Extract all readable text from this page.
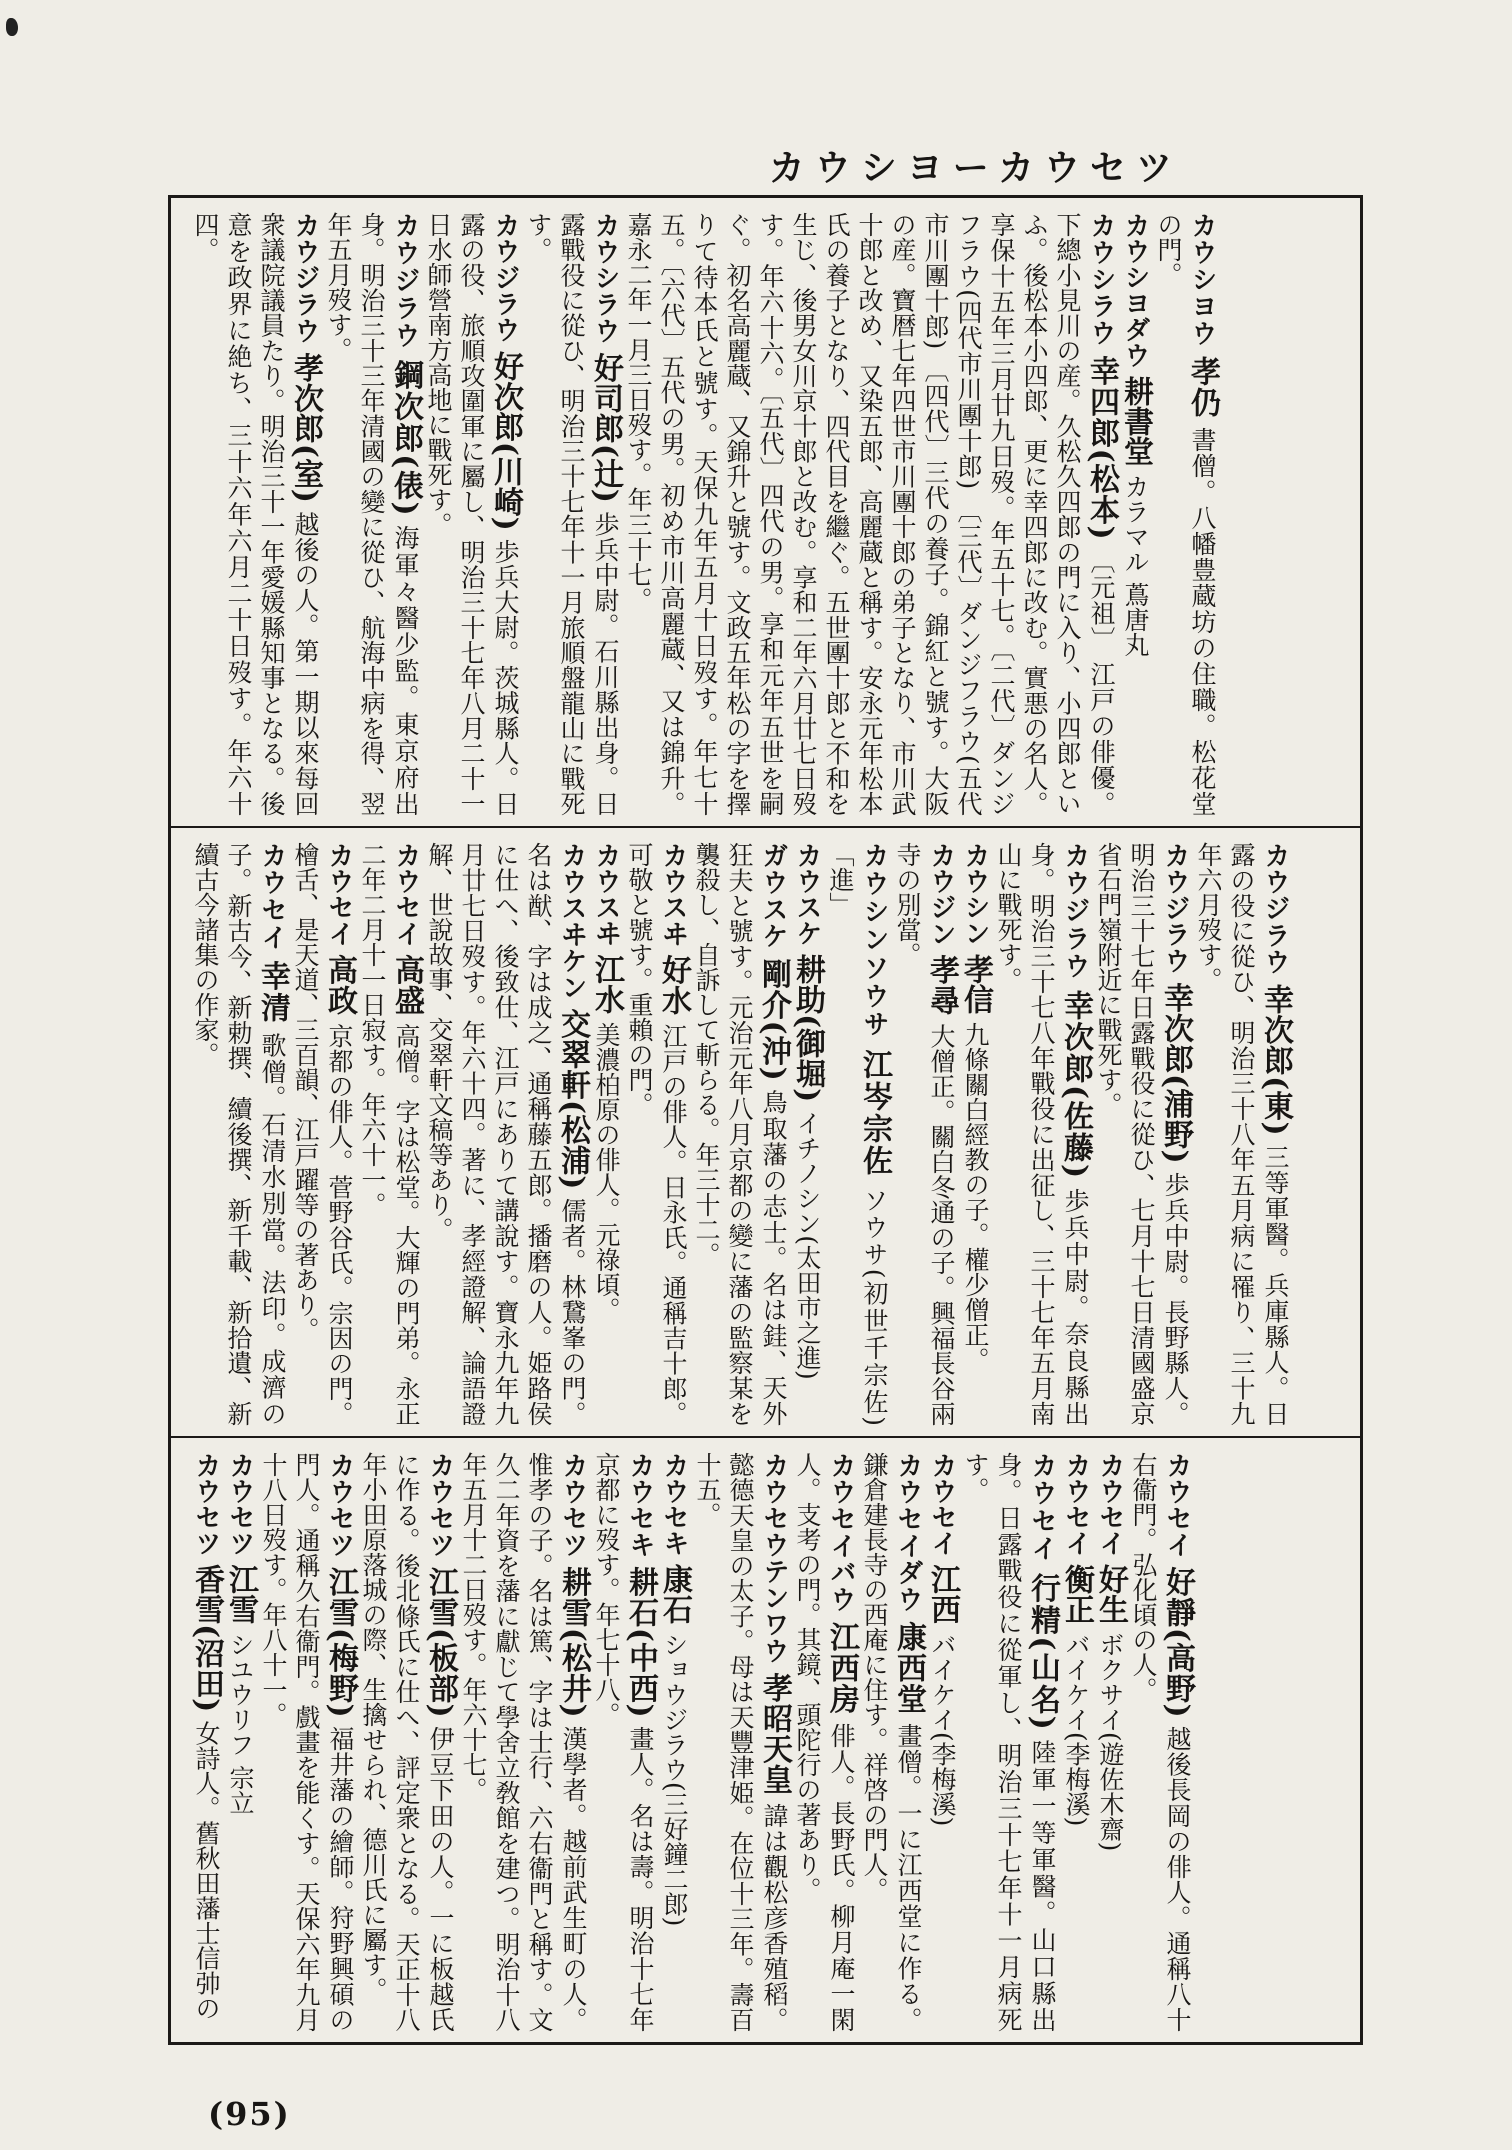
カウシヨーカウセツ
カウシヨウ 孝仍 書僧。八幡豊蔵坊の住職。松花堂の門。カウシヨダウ 耕書堂 カラマル 蔦唐丸カウシラウ 幸四郎(松本) 〔元祖〕 江戸の俳優。下總小見川の産。久松久四郎の門に入り、小四郎といふ。後松本小四郎、更に幸四郎に改む。實悪の名人。享保十五年三月廿九日歿。年五十七。〔二代〕ダンジフラウ(四代市川團十郎) 〔三代〕ダンジフラウ(五代市川團十郎) 〔四代〕三代の養子。錦紅と號す。大阪の産。寶暦七年四世市川團十郎の弟子となり、市川武十郎と改め、又染五郎、高麗蔵と稱す。安永元年松本氏の養子となり、四代目を繼ぐ。五世團十郎と不和を生じ、後男女川京十郎と改む。享和二年六月廿七日歿す。年六十六。〔五代〕四代の男。享和元年五世を嗣ぐ。初名高麗蔵、又錦升と號す。文政五年松の字を擇りて待本氏と號す。天保九年五月十日歿す。年七十五。〔六代〕五代の男。初め市川高麗蔵、又は錦升。嘉永二年一月三日歿す。年三十七。カウシラウ 好司郎(辻) 歩兵中尉。石川縣出身。日露戰役に從ひ、明治三十七年十一月旅順盤龍山に戰死す。カウジラウ 好次郎(川崎) 歩兵大尉。茨城縣人。日露の役、旅順攻圍軍に屬し、明治三十七年八月二十一日水師營南方高地に戰死す。カウジラウ 鋼次郎(俵) 海軍々醫少監。東京府出身。明治三十三年清國の變に從ひ、航海中病を得、翌年五月歿す。カウジラウ 孝次郎(室) 越後の人。第一期以來每回衆議院議員たり。明治三十一年愛媛縣知事となる。後意を政界に絶ち、三十六年六月二十日歿す。年六十四。
カウジラウ 幸次郎(東) 三等軍醫。兵庫縣人。日露の役に從ひ、明治三十八年五月病に罹り、三十九年六月歿す。カウジラウ 幸次郎(浦野) 歩兵中尉。長野縣人。明治三十七年日露戰役に從ひ、七月十七日清國盛京省石門嶺附近に戰死す。カウジラウ 幸次郎(佐藤) 歩兵中尉。奈良縣出身。明治三十七八年戰役に出征し、三十七年五月南山に戰死す。カウシン 孝信 九條關白經教の子。權少僧正。カウジン 孝尋 大僧正。關白冬通の子。興福長谷兩寺の別當。カウシンソウサ 江岑宗佐 ソウサ(初世千宗佐)「進」カウスケ 耕助(御堀) イチノシン(太田市之進)ガウスケ 剛介(沖) 鳥取藩の志士。名は銈、天外狂夫と號す。元治元年八月京都の變に藩の監察某を襲殺し、自訴して斬らる。年三十二。カウスヰ 好水 江戸の俳人。日永氏。通稱吉十郎。可敬と號す。重賴の門。カウスヰ 江水 美濃柏原の俳人。元祿頃。カウスヰケン 交翠軒(松浦) 儒者。林鵞峯の門。名は猷、字は成之、通稱藤五郎。播磨の人。姫路侯に仕へ、後致仕、江戸にありて講說す。寶永九年九月廿七日歿す。年六十四。著に、孝經證解、論語證解、世說故事、交翠軒文稿等あり。カウセイ 高盛 高僧。字は松堂。大輝の門弟。永正二年二月十一日寂す。年六十一。カウセイ 高政 京都の俳人。菅野谷氏。宗因の門。檜舌、是天道、三百韻、江戸躍等の著あり。カウセイ 幸清 歌僧。石清水別當。法印。成濟の子。新古今、新勅撰、續後撰、新千載、新拾遺、新續古今諸集の作家。
カウセイ 好靜(高野) 越後長岡の俳人。通稱八十右衞門。弘化頃の人。カウセイ 好生 ボクサイ(遊佐木齋)カウセイ 衡正 バイケイ(李梅溪)カウセイ 行精(山名) 陸軍一等軍醫。山口縣出身。日露戰役に從軍し、明治三十七年十一月病死す。カウセイ 江西 バイケイ(李梅溪)カウセイダウ 康西堂 畫僧。一に江西堂に作る。鎌倉建長寺の西庵に住す。祥啓の門人。カウセイバウ 江西房 俳人。長野氏。柳月庵一閑人。支考の門。其鏡、頭陀行の著あり。カウセウテンワウ 孝昭天皇 諱は觀松彦香殖稻。懿德天皇の太子。母は天豐津姫。在位十三年。壽百十五。カウセキ 康石 ショウジラウ(三好鐘二郎)カウセキ 耕石(中西) 畫人。名は壽。明治十七年京都に歿す。年七十八。カウセツ 耕雪(松井) 漢學者。越前武生町の人。惟孝の子。名は篤、字は士行、六右衞門と稱す。文久二年資を藩に獻じて學舍立敎館を建つ。明治十八年五月十二日歿す。年六十七。カウセツ 江雪(板部) 伊豆下田の人。一に板越氏に作る。後北條氏に仕へ、評定衆となる。天正十八年小田原落城の際、生擒せられ、德川氏に屬す。カウセツ 江雪(梅野) 福井藩の繪師。狩野興碩の門人。通稱久右衞門。戲畫を能くす。天保六年九月十八日歿す。年八十一。カウセツ 江雪 シユウリフ 宗立カウセツ 香雪(沼田) 女詩人。舊秋田藩士信𢎭の
(95)
